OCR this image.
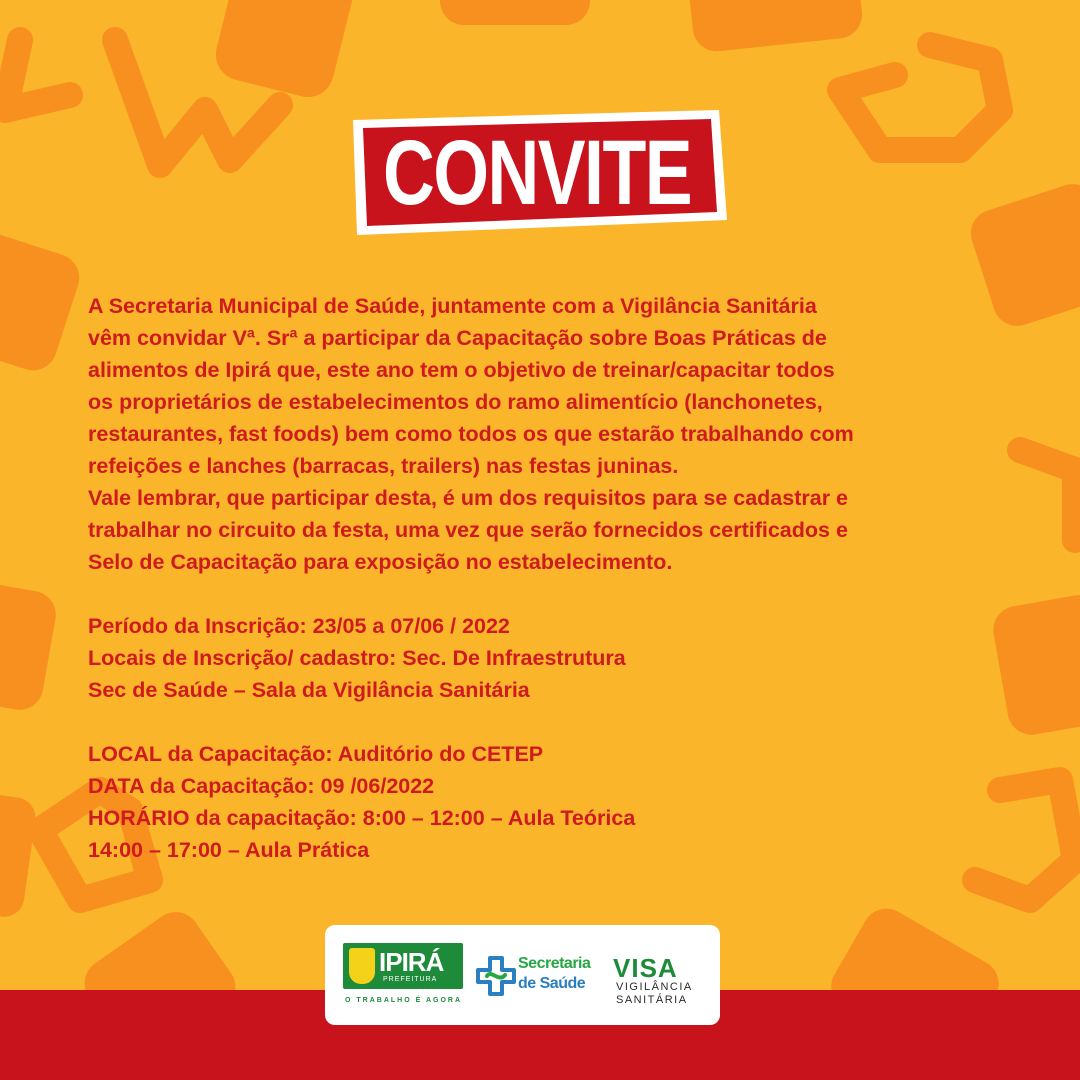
CONVITE

A Secretaria Municipal de Saúde, juntamente com a Vigilância Sanitária
vêm convidar Vª. Srª a participar da Capacitação sobre Boas Práticas de
alimentos de Ipirá que, este ano tem o objetivo de treinar/capacitar todos
os proprietários de estabelecimentos do ramo alimentício (lanchonetes,
restaurantes, fast foods) bem como todos os que estarão trabalhando com
refeições e lanches (barracas, trailers) nas festas juninas.
Vale lembrar, que participar desta, é um dos requisitos para se cadastrar e
trabalhar no circuito da festa, uma vez que serão fornecidos certificados e
Selo de Capacitação para exposição no estabelecimento.

Período da Inscrição: 23/05 a 07/06 / 2022
Locais de Inscrição/ cadastro: Sec. De Infraestrutura
Sec de Saúde – Sala da Vigilância Sanitária

LOCAL da Capacitação: Auditório do CETEP
DATA da Capacitação: 09 /06/2022
HORÁRIO da capacitação: 8:00 – 12:00 – Aula Teórica
14:00 – 17:00 – Aula Prática

IPIRÁ
PREFEITURA
O TRABALHO É AGORA
Secretaria
de Saúde
VISA
VIGILÂNCIA
SANITÁRIA
